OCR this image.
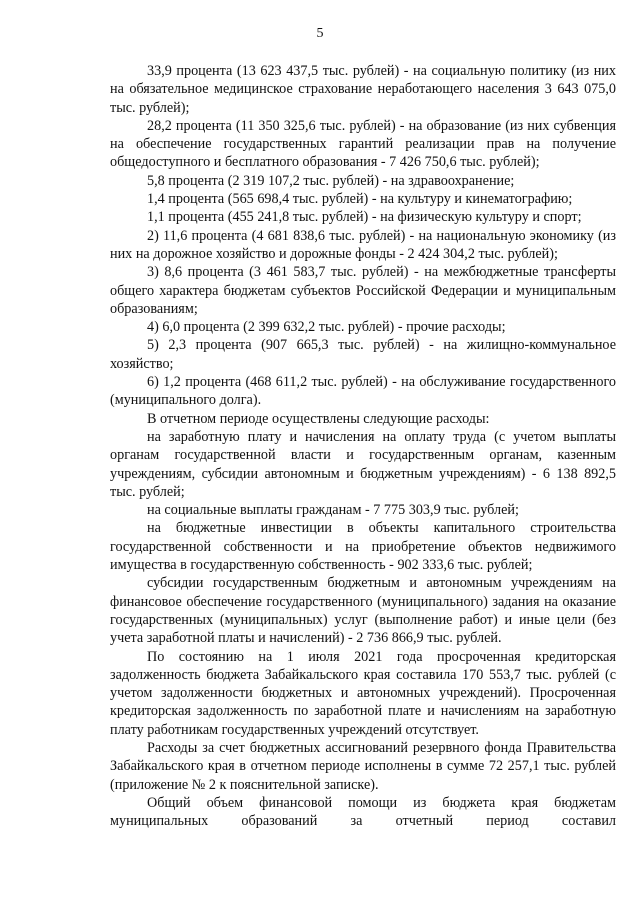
5

33,9 процента (13 623 437,5 тыс. рублей) - на социальную политику (из них на обязательное медицинское страхование неработающего населения 3 643 075,0 тыс. рублей);

28,2 процента (11 350 325,6 тыс. рублей) - на образование (из них субвенция на обеспечение государственных гарантий реализации прав на получение общедоступного и бесплатного образования - 7 426 750,6 тыс. рублей);

5,8 процента (2 319 107,2 тыс. рублей) - на здравоохранение;

1,4 процента (565 698,4 тыс. рублей) - на культуру и кинематографию;

1,1 процента (455 241,8 тыс. рублей) - на физическую культуру и спорт;

2) 11,6 процента (4 681 838,6 тыс. рублей) - на национальную экономику (из них на дорожное хозяйство и дорожные фонды - 2 424 304,2 тыс. рублей);

3) 8,6 процента (3 461 583,7 тыс. рублей) - на межбюджетные трансферты общего характера бюджетам субъектов Российской Федерации и муниципальным образованиям;

4) 6,0 процента (2 399 632,2 тыс. рублей) - прочие расходы;

5) 2,3 процента (907 665,3 тыс. рублей) - на жилищно-коммунальное хозяйство;

6) 1,2 процента (468 611,2 тыс. рублей) - на обслуживание государственного (муниципального долга).

В отчетном периоде осуществлены следующие расходы:

на заработную плату и начисления на оплату труда (с учетом выплаты органам государственной власти и государственным органам, казенным учреждениям, субсидии автономным и бюджетным учреждениям) - 6 138 892,5 тыс. рублей;

на социальные выплаты гражданам - 7 775 303,9 тыс. рублей;

на бюджетные инвестиции в объекты капитального строительства государственной собственности и на приобретение объектов недвижимого имущества в государственную собственность - 902 333,6 тыс. рублей;

субсидии государственным бюджетным и автономным учреждениям на финансовое обеспечение государственного (муниципального) задания на оказание государственных (муниципальных) услуг (выполнение работ) и иные цели (без учета заработной платы и начислений) - 2 736 866,9 тыс. рублей.

По состоянию на 1 июля 2021 года просроченная кредиторская задолженность бюджета Забайкальского края составила 170 553,7 тыс. рублей (с учетом задолженности бюджетных и автономных учреждений). Просроченная кредиторская задолженность по заработной плате и начислениям на заработную плату работникам государственных учреждений отсутствует.

Расходы за счет бюджетных ассигнований резервного фонда Правительства Забайкальского края в отчетном периоде исполнены в сумме 72 257,1 тыс. рублей (приложение № 2 к пояснительной записке).

Общий объем финансовой помощи из бюджета края бюджетам муниципальных образований за отчетный период составил
